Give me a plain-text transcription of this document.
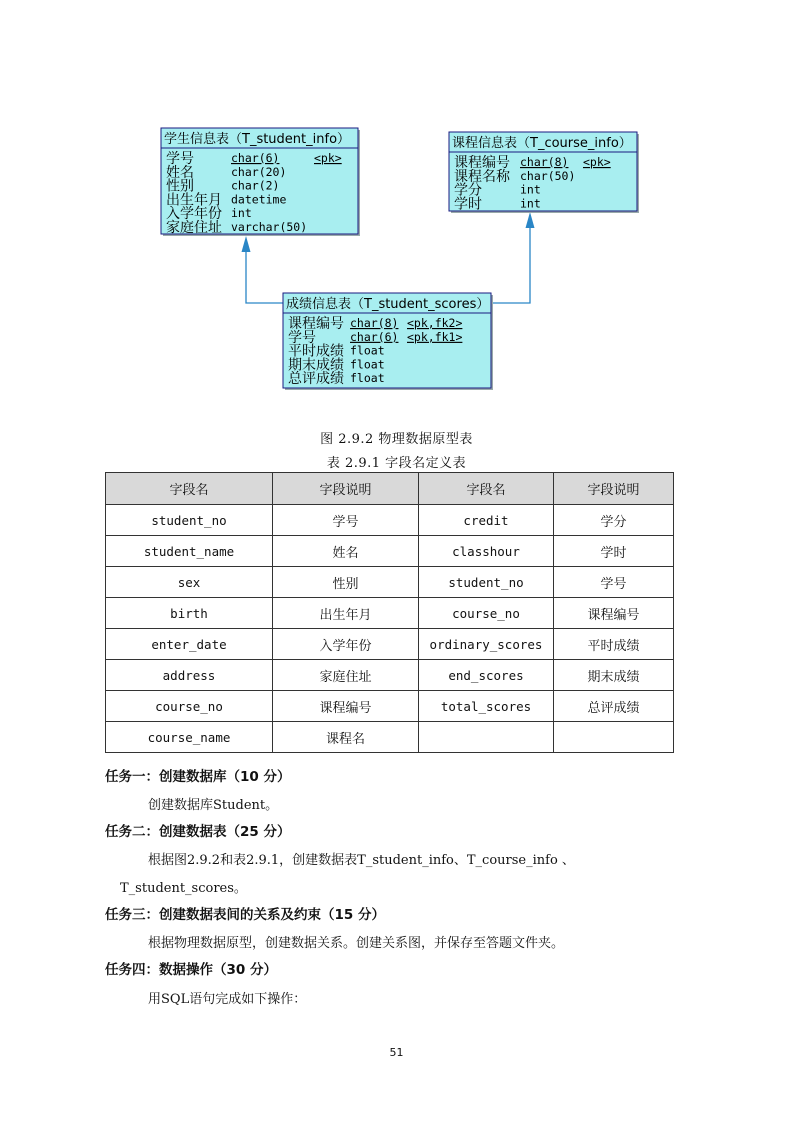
学生信息表（T_student_info）
学号	char(6)	<pk>
姓名	char(20)
性别	char(2)
出生年月 datetime
入学年份 int
家庭住址 varchar(50)
课程信息表（T_course_info）
课程编号 char(8) <pk>
课程名称 char(50)
学分	int
学时	int
成绩信息表（T_student_scores）
课程编号 char(8) <pk,fk2>
学号	char(6) <pk,fk1>
平时成绩 float
期末成绩 float
总评成绩 float
图 2.9.2 物理数据原型表
表 2.9.1 字段名定义表
字段名	字段说明	字段名	字段说明
student_no	学号	credit	学分
student_name	姓名	classhour	学时
sex	性别	student_no	学号
birth	出生年月	course_no	课程编号
enter_date	入学年份	ordinary_scores	平时成绩
address	家庭住址	end_scores	期末成绩
course_no	课程编号	total_scores	总评成绩
course_name	课程名		
任务一：创建数据库（10 分）
创建数据库Student。
任务二：创建数据表（25 分）
根据图2.9.2和表2.9.1，创建数据表T_student_info、T_course_info 、
T_student_scores。
任务三：创建数据表间的关系及约束（15 分）
根据物理数据原型，创建数据关系。创建关系图，并保存至答题文件夹。
任务四：数据操作（30 分）
用SQL语句完成如下操作：
51
